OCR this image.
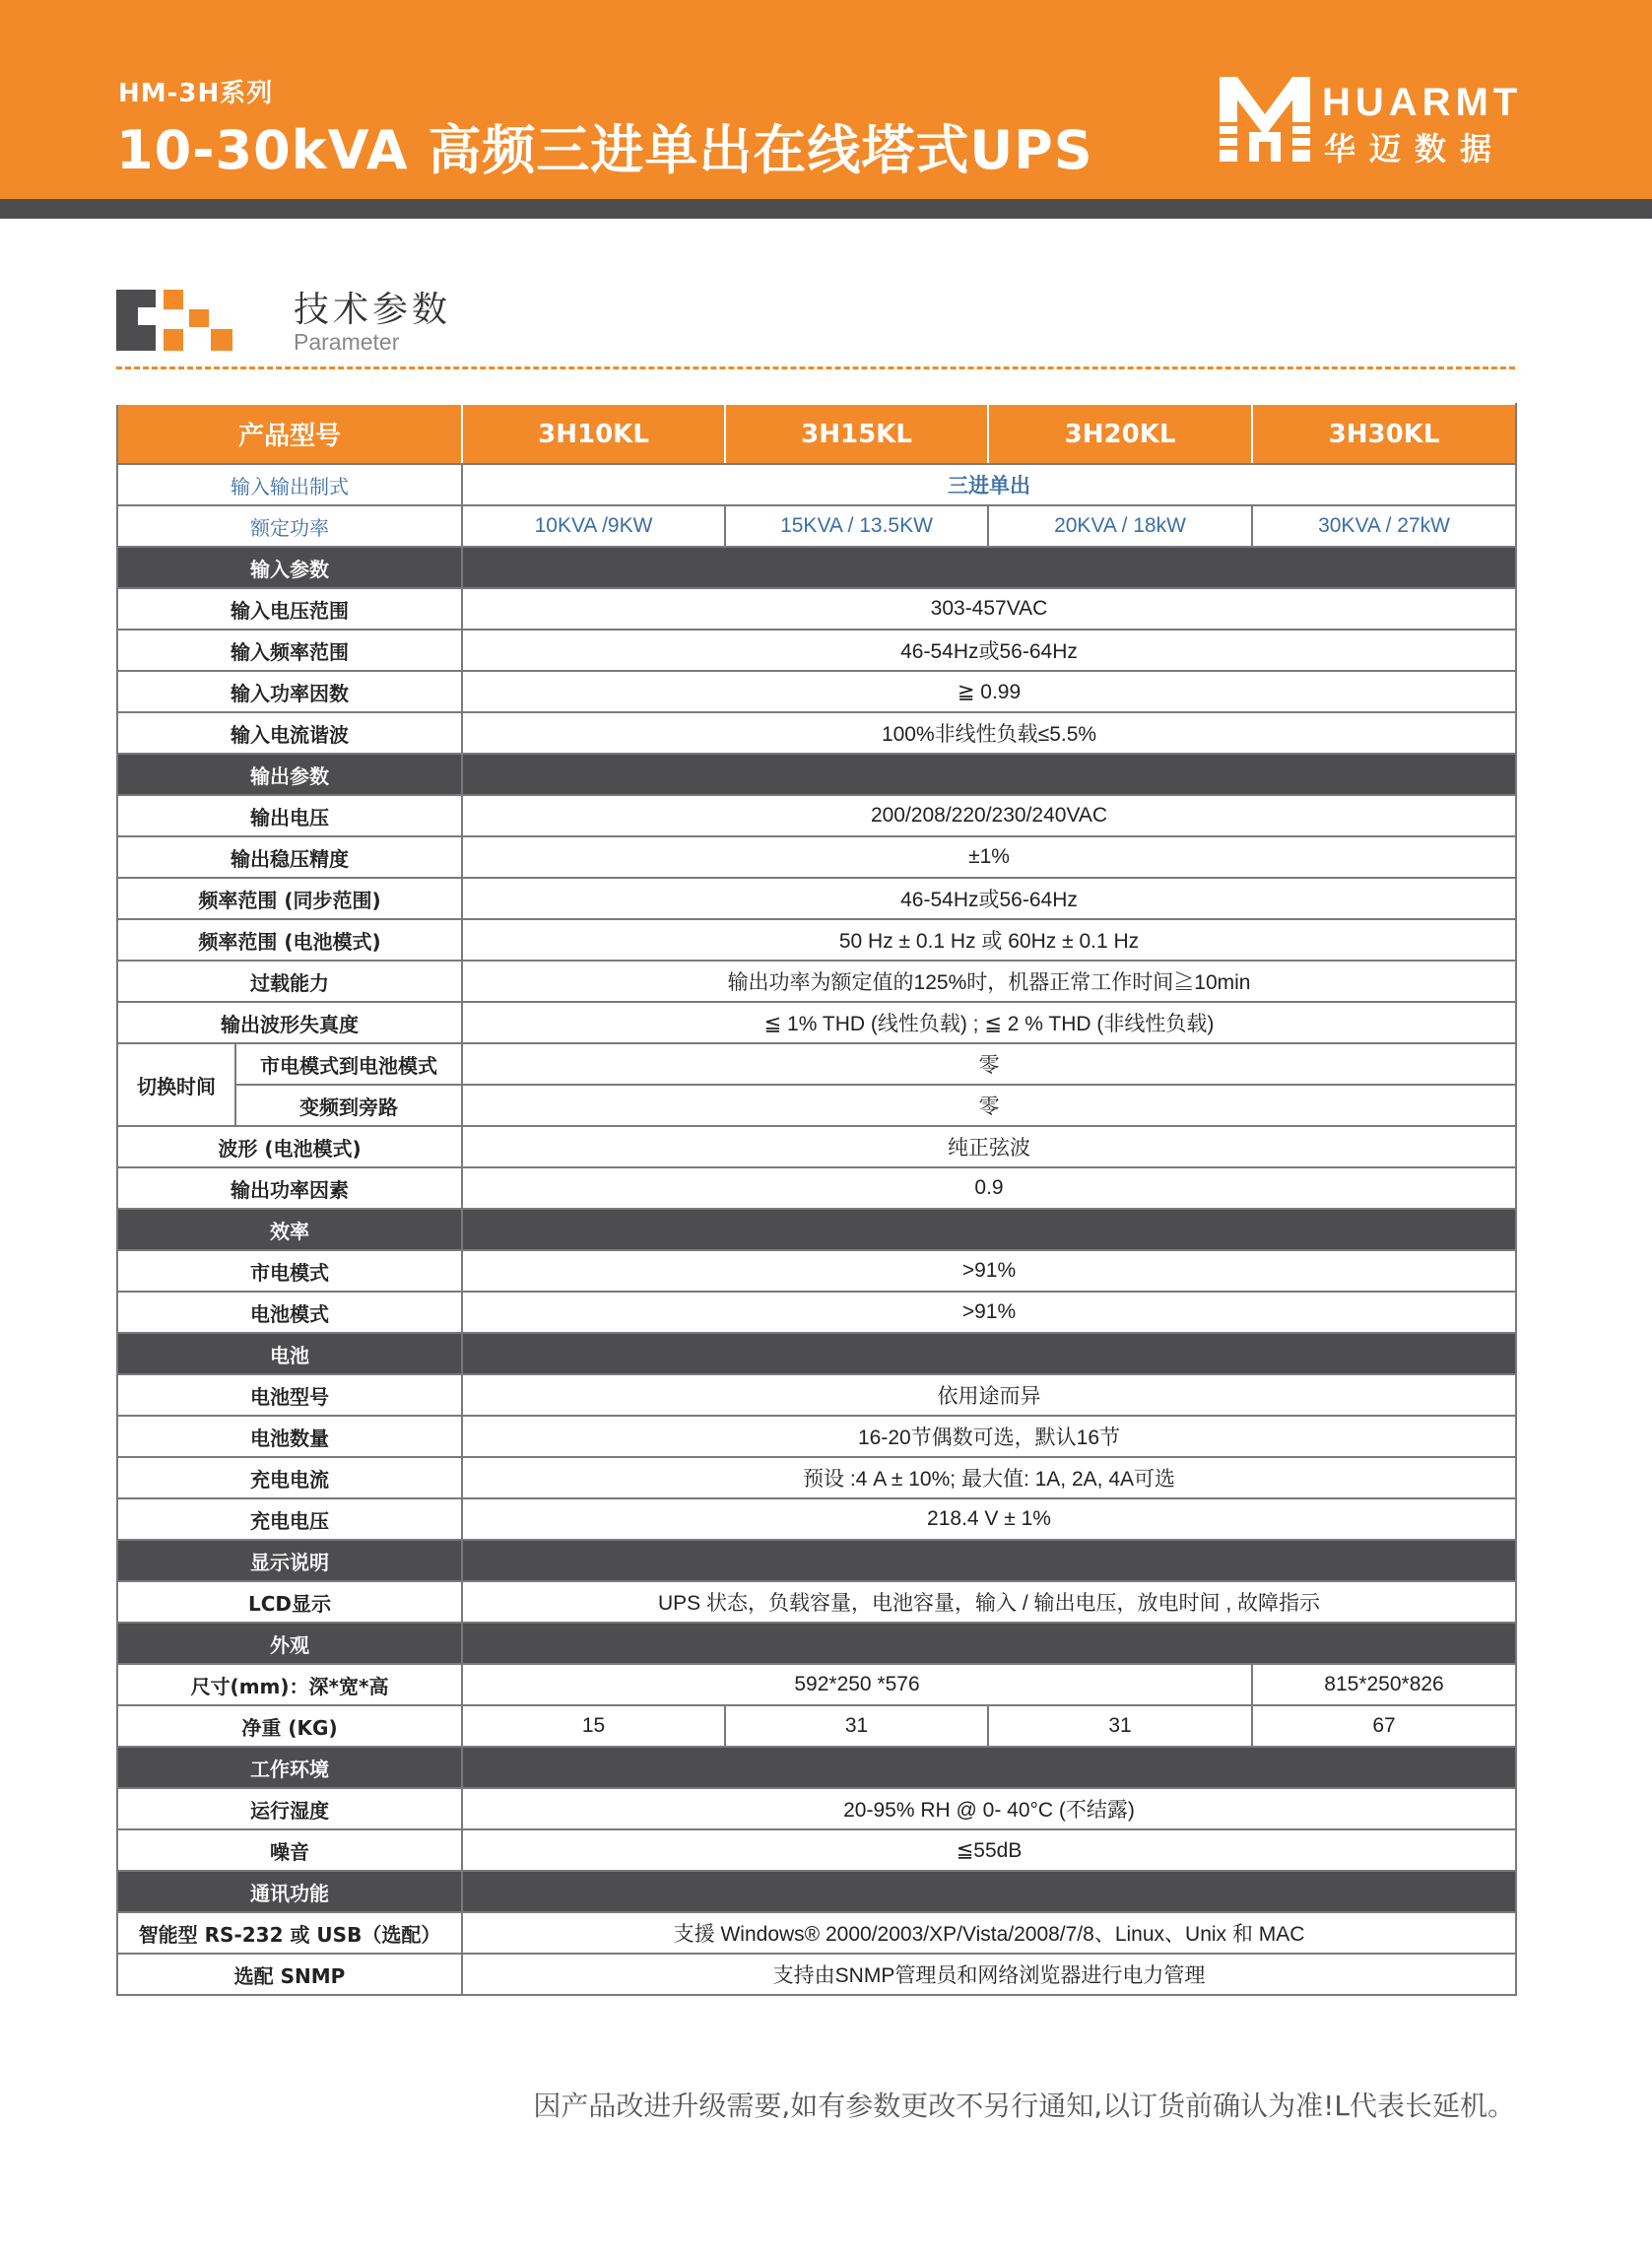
HM-3H系列
10-30kVA 高频三进单出在线塔式UPS
HUARMT
华迈数据
技术参数
Parameter
产品型号		3H10KL	3H15KL	3H20KL	3H30KL
输入输出制式		三进单出			
额定功率		10KVA /9KW	15KVA / 13.5KW	20KVA / 18kW	30KVA / 27kW
输入参数					
输入电压范围		303-457VAC			
输入频率范围		46-54Hz或56-64Hz			
输入功率因数		≧ 0.99			
输入电流谐波		100%非线性负载≤5.5%			
输出参数					
输出电压		200/208/220/230/240VAC			
输出稳压精度		±1%			
频率范围 (同步范围)		46-54Hz或56-64Hz			
频率范围 (电池模式)		50 Hz ± 0.1 Hz 或 60Hz ± 0.1 Hz			
过载能力		输出功率为额定值的125%时，机器正常工作时间≧10min			
输出波形失真度		≦ 1% THD (线性负载) ; ≦ 2 % THD (非线性负载)			
切换时间	市电模式到电池模式	零			
	变频到旁路	零			
波形 (电池模式)		纯正弦波			
输出功率因素		0.9			
效率					
市电模式		>91%			
电池模式		>91%			
电池					
电池型号		依用途而异			
电池数量		16-20节偶数可选，默认16节			
充电电流		预设 :4 A ± 10%; 最大值: 1A, 2A, 4A可选			
充电电压		218.4 V ± 1%			
显示说明					
LCD显示		UPS 状态，负载容量，电池容量，输入 / 输出电压，放电时间 , 故障指示			
外观					
尺寸(mm)：深*宽*高		592*250 *576			815*250*826
净重 (KG)		15	31	31	67
工作环境					
运行湿度		20-95% RH @ 0- 40°C (不结露)			
噪音		≦55dB			
通讯功能					
智能型 RS-232 或 USB（选配）		支援 Windows® 2000/2003/XP/Vista/2008/7/8、Linux、Unix 和 MAC			
选配 SNMP		支持由SNMP管理员和网络浏览器进行电力管理			
因产品改进升级需要,如有参数更改不另行通知,以订货前确认为准!L代表长延机。
